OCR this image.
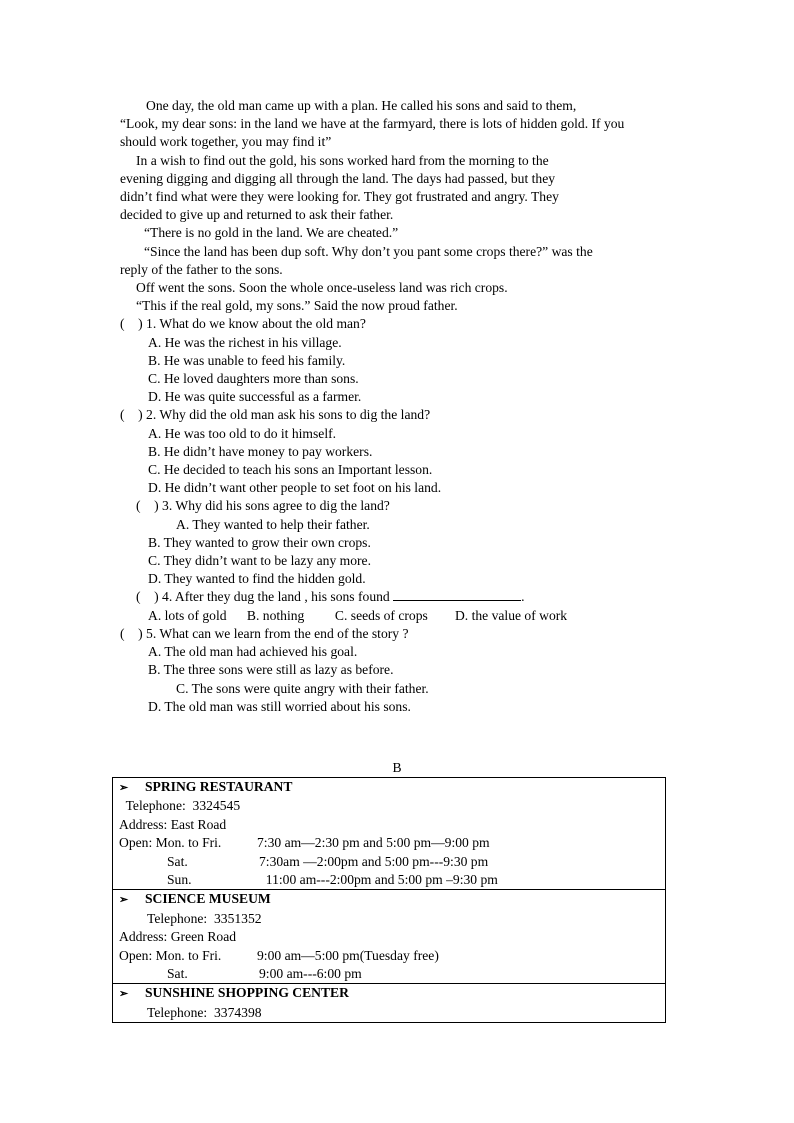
One day, the old man came up with a plan. He called his sons and said to them,
“Look, my dear sons: in the land we have at the farmyard, there is lots of hidden gold. If you
should work together, you may find it”
In a wish to find out the gold, his sons worked hard from the morning to the
evening digging and digging all through the land. The days had passed, but they
didn’t find what were they were looking for. They got frustrated and angry. They
decided to give up and returned to ask their father.
“There is no gold in the land. We are cheated.”
“Since the land has been dup soft. Why don’t you pant some crops there?” was the
reply of the father to the sons.
Off went the sons. Soon the whole once-useless land was rich crops.
“This if the real gold, my sons.” Said the now proud father.
(    ) 1. What do we know about the old man?
A. He was the richest in his village.
B. He was unable to feed his family.
C. He loved daughters more than sons.
D. He was quite successful as a farmer.
(    ) 2. Why did the old man ask his sons to dig the land?
A. He was too old to do it himself.
B. He didn’t have money to pay workers.
C. He decided to teach his sons an Important lesson.
D. He didn’t want other people to set foot on his land.
(    ) 3. Why did his sons agree to dig the land?
A. They wanted to help their father.
B. They wanted to grow their own crops.
C. They didn’t want to be lazy any more.
D. They wanted to find the hidden gold.
(    ) 4. After they dug the land , his sons found	.
A. lots of gold      B. nothing         C. seeds of crops        D. the value of work
(    ) 5. What can we learn from the end of the story ?
A. The old man had achieved his goal.
B. The three sons were still as lazy as before.
C. The sons were quite angry with their father.
D. The old man was still worried about his sons.
B
➢ SPRING RESTAURANT
Telephone:  3324545
Address: East Road
Open: Mon. to Fri.	7:30 am—2:30 pm and 5:00 pm—9:00 pm
Sat.	7:30am —2:00pm and 5:00 pm---9:30 pm
Sun.	11:00 am---2:00pm and 5:00 pm –9:30 pm
➢ SCIENCE MUSEUM
Telephone:  3351352
Address: Green Road
Open: Mon. to Fri.	9:00 am—5:00 pm(Tuesday free)
Sat.	9:00 am---6:00 pm
➢ SUNSHINE SHOPPING CENTER
Telephone:  3374398
